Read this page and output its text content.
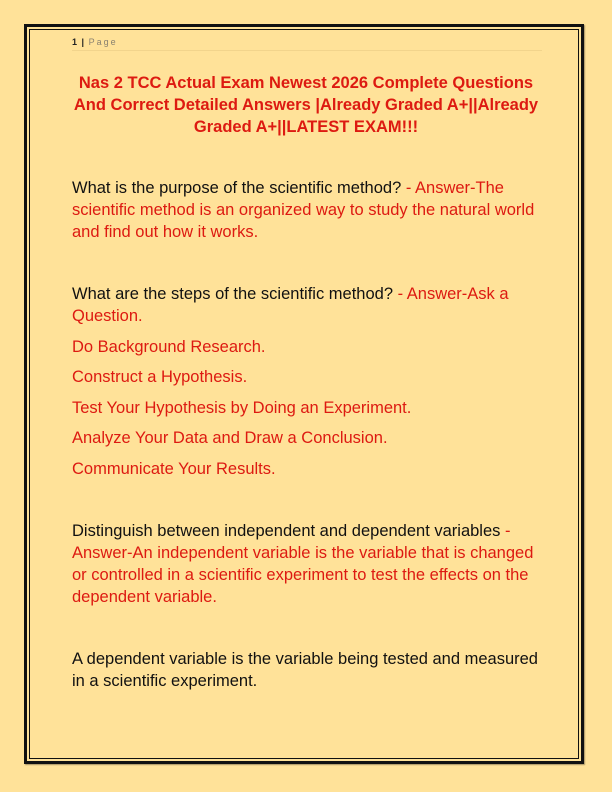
1 | Page
Nas 2 TCC Actual Exam Newest 2026 Complete Questions And Correct Detailed Answers |Already Graded A+||Already Graded A+||LATEST EXAM!!!

What is the purpose of the scientific method? - Answer-The scientific method is an organized way to study the natural world and find out how it works.

What are the steps of the scientific method? - Answer-Ask a Question.

Do Background Research.

Construct a Hypothesis.

Test Your Hypothesis by Doing an Experiment.

Analyze Your Data and Draw a Conclusion.

Communicate Your Results.

Distinguish between independent and dependent variables - Answer-An independent variable is the variable that is changed or controlled in a scientific experiment to test the effects on the dependent variable.

A dependent variable is the variable being tested and measured in a scientific experiment.
